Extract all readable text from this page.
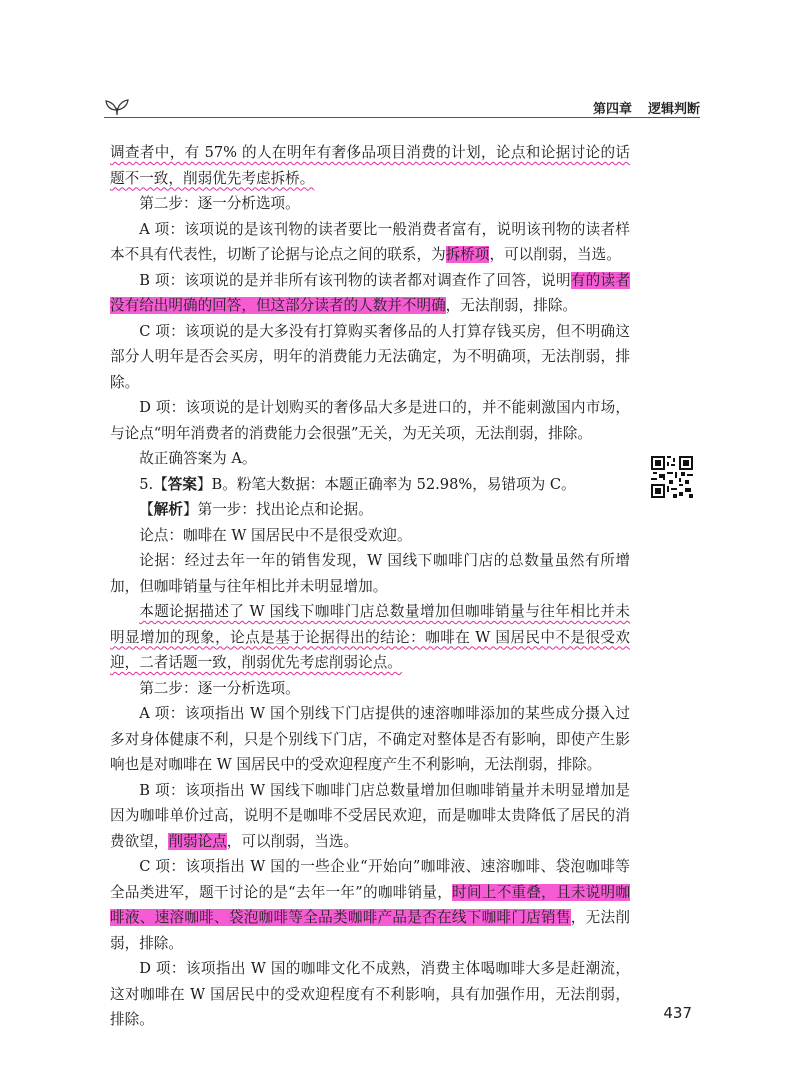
第四章 逻辑判断

调查者中，有 57% 的人在明年有奢侈品项目消费的计划，论点和论据讨论的话题不一致，削弱优先考虑拆桥。

第二步：逐一分析选项。

A 项：该项说的是该刊物的读者要比一般消费者富有，说明该刊物的读者样本不具有代表性，切断了论据与论点之间的联系，为拆桥项，可以削弱，当选。

B 项：该项说的是并非所有该刊物的读者都对调查作了回答，说明有的读者没有给出明确的回答，但这部分读者的人数并不明确，无法削弱，排除。

C 项：该项说的是大多没有打算购买奢侈品的人打算存钱买房，但不明确这部分人明年是否会买房，明年的消费能力无法确定，为不明确项，无法削弱，排除。

D 项：该项说的是计划购买的奢侈品大多是进口的，并不能刺激国内市场，与论点“明年消费者的消费能力会很强”无关，为无关项，无法削弱，排除。

故正确答案为 A。

5.【答案】B。粉笔大数据：本题正确率为 52.98%，易错项为 C。

【解析】第一步：找出论点和论据。

论点：咖啡在 W 国居民中不是很受欢迎。

论据：经过去年一年的销售发现，W 国线下咖啡门店的总数量虽然有所增加，但咖啡销量与往年相比并未明显增加。

本题论据描述了 W 国线下咖啡门店总数量增加但咖啡销量与往年相比并未明显增加的现象，论点是基于论据得出的结论：咖啡在 W 国居民中不是很受欢迎，二者话题一致，削弱优先考虑削弱论点。

第二步：逐一分析选项。

A 项：该项指出 W 国个别线下门店提供的速溶咖啡添加的某些成分摄入过多对身体健康不利，只是个别线下门店，不确定对整体是否有影响，即使产生影响也是对咖啡在 W 国居民中的受欢迎程度产生不利影响，无法削弱，排除。

B 项：该项指出 W 国线下咖啡门店总数量增加但咖啡销量并未明显增加是因为咖啡单价过高，说明不是咖啡不受居民欢迎，而是咖啡太贵降低了居民的消费欲望，削弱论点，可以削弱，当选。

C 项：该项指出 W 国的一些企业“开始向”咖啡液、速溶咖啡、袋泡咖啡等全品类进军，题干讨论的是“去年一年”的咖啡销量，时间上不重叠，且未说明咖啡液、速溶咖啡、袋泡咖啡等全品类咖啡产品是否在线下咖啡门店销售，无法削弱，排除。

D 项：该项指出 W 国的咖啡文化不成熟，消费主体喝咖啡大多是赶潮流，这对咖啡在 W 国居民中的受欢迎程度有不利影响，具有加强作用，无法削弱，排除。	437
